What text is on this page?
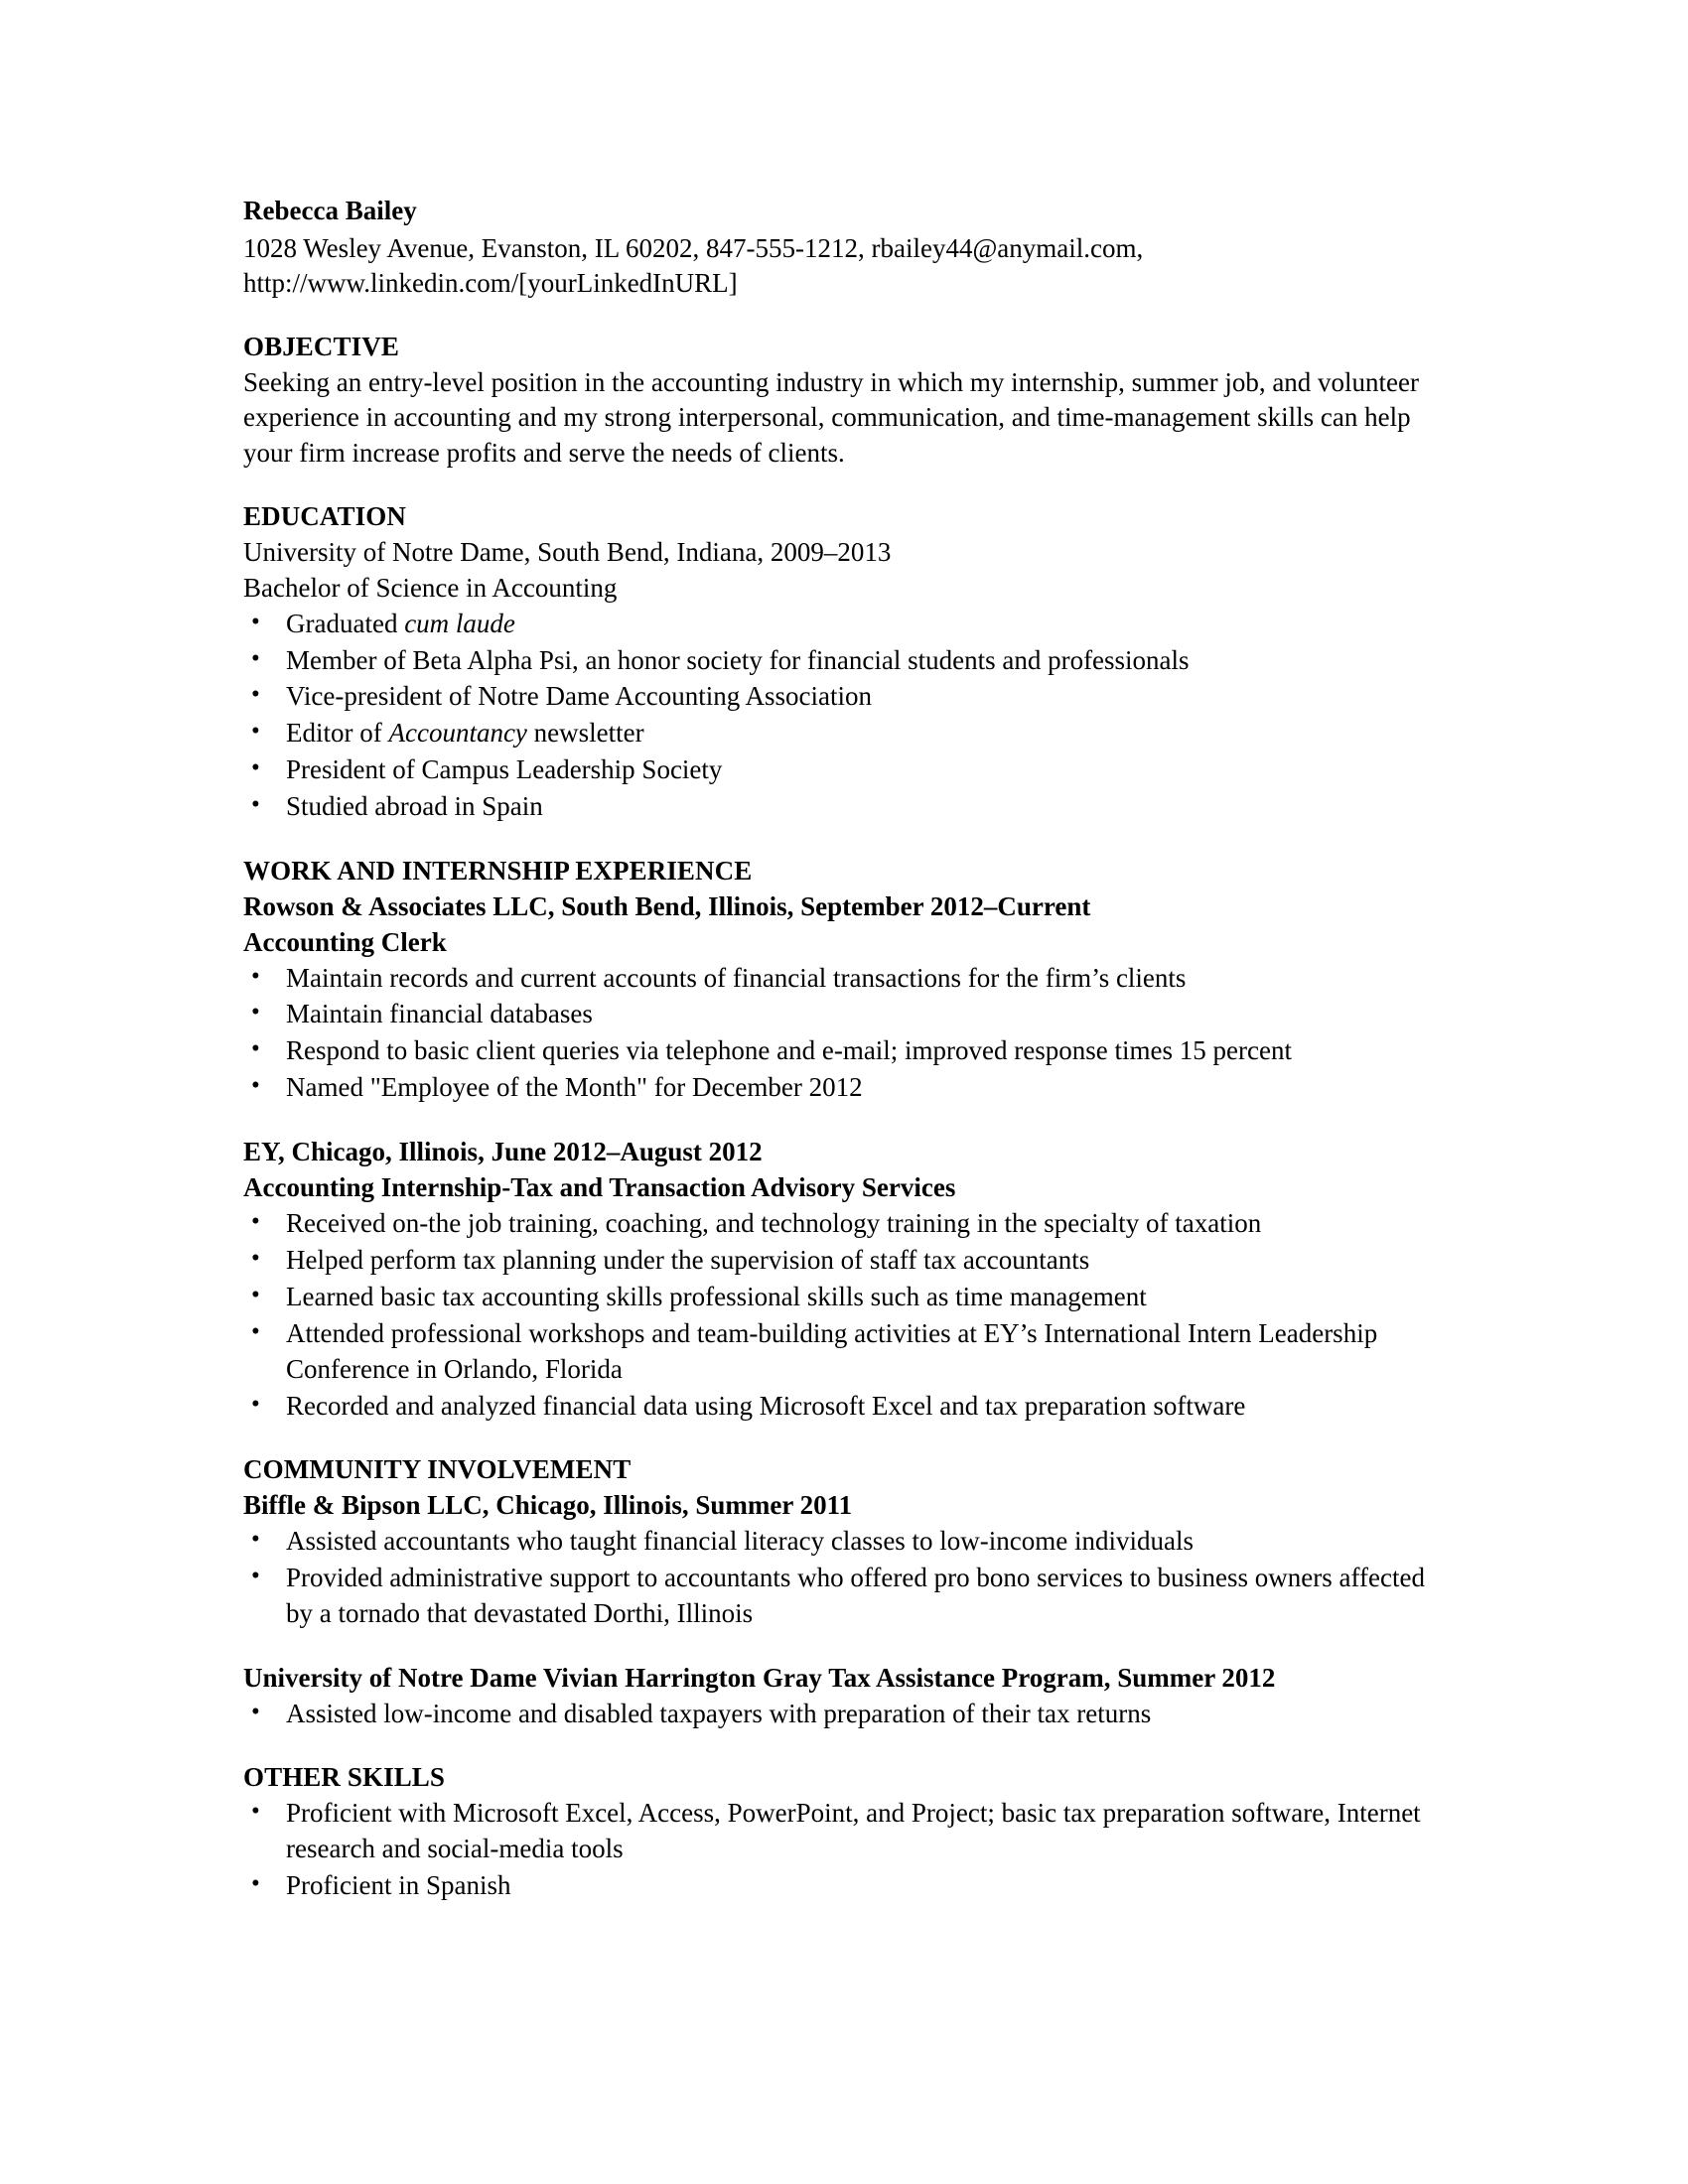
Rebecca Bailey
1028 Wesley Avenue, Evanston, IL 60202, 847-555-1212, rbailey44@anymail.com,
http://www.linkedin.com/[yourLinkedInURL]
OBJECTIVE
Seeking an entry-level position in the accounting industry in which my internship, summer job, and volunteer experience in accounting and my strong interpersonal, communication, and time-management skills can help your firm increase profits and serve the needs of clients.
EDUCATION
University of Notre Dame, South Bend, Indiana, 2009–2013
Bachelor of Science in Accounting
• Graduated cum laude
• Member of Beta Alpha Psi, an honor society for financial students and professionals
• Vice-president of Notre Dame Accounting Association
• Editor of Accountancy newsletter
• President of Campus Leadership Society
• Studied abroad in Spain
WORK AND INTERNSHIP EXPERIENCE
Rowson & Associates LLC, South Bend, Illinois, September 2012–Current
Accounting Clerk
• Maintain records and current accounts of financial transactions for the firm’s clients
• Maintain financial databases
• Respond to basic client queries via telephone and e-mail; improved response times 15 percent
• Named "Employee of the Month" for December 2012
EY, Chicago, Illinois, June 2012–August 2012
Accounting Internship-Tax and Transaction Advisory Services
• Received on-the job training, coaching, and technology training in the specialty of taxation
• Helped perform tax planning under the supervision of staff tax accountants
• Learned basic tax accounting skills professional skills such as time management
• Attended professional workshops and team-building activities at EY’s International Intern Leadership Conference in Orlando, Florida
• Recorded and analyzed financial data using Microsoft Excel and tax preparation software
COMMUNITY INVOLVEMENT
Biffle & Bipson LLC, Chicago, Illinois, Summer 2011
• Assisted accountants who taught financial literacy classes to low-income individuals
• Provided administrative support to accountants who offered pro bono services to business owners affected by a tornado that devastated Dorthi, Illinois
University of Notre Dame Vivian Harrington Gray Tax Assistance Program, Summer 2012
• Assisted low-income and disabled taxpayers with preparation of their tax returns
OTHER SKILLS
• Proficient with Microsoft Excel, Access, PowerPoint, and Project; basic tax preparation software, Internet research and social-media tools
• Proficient in Spanish
